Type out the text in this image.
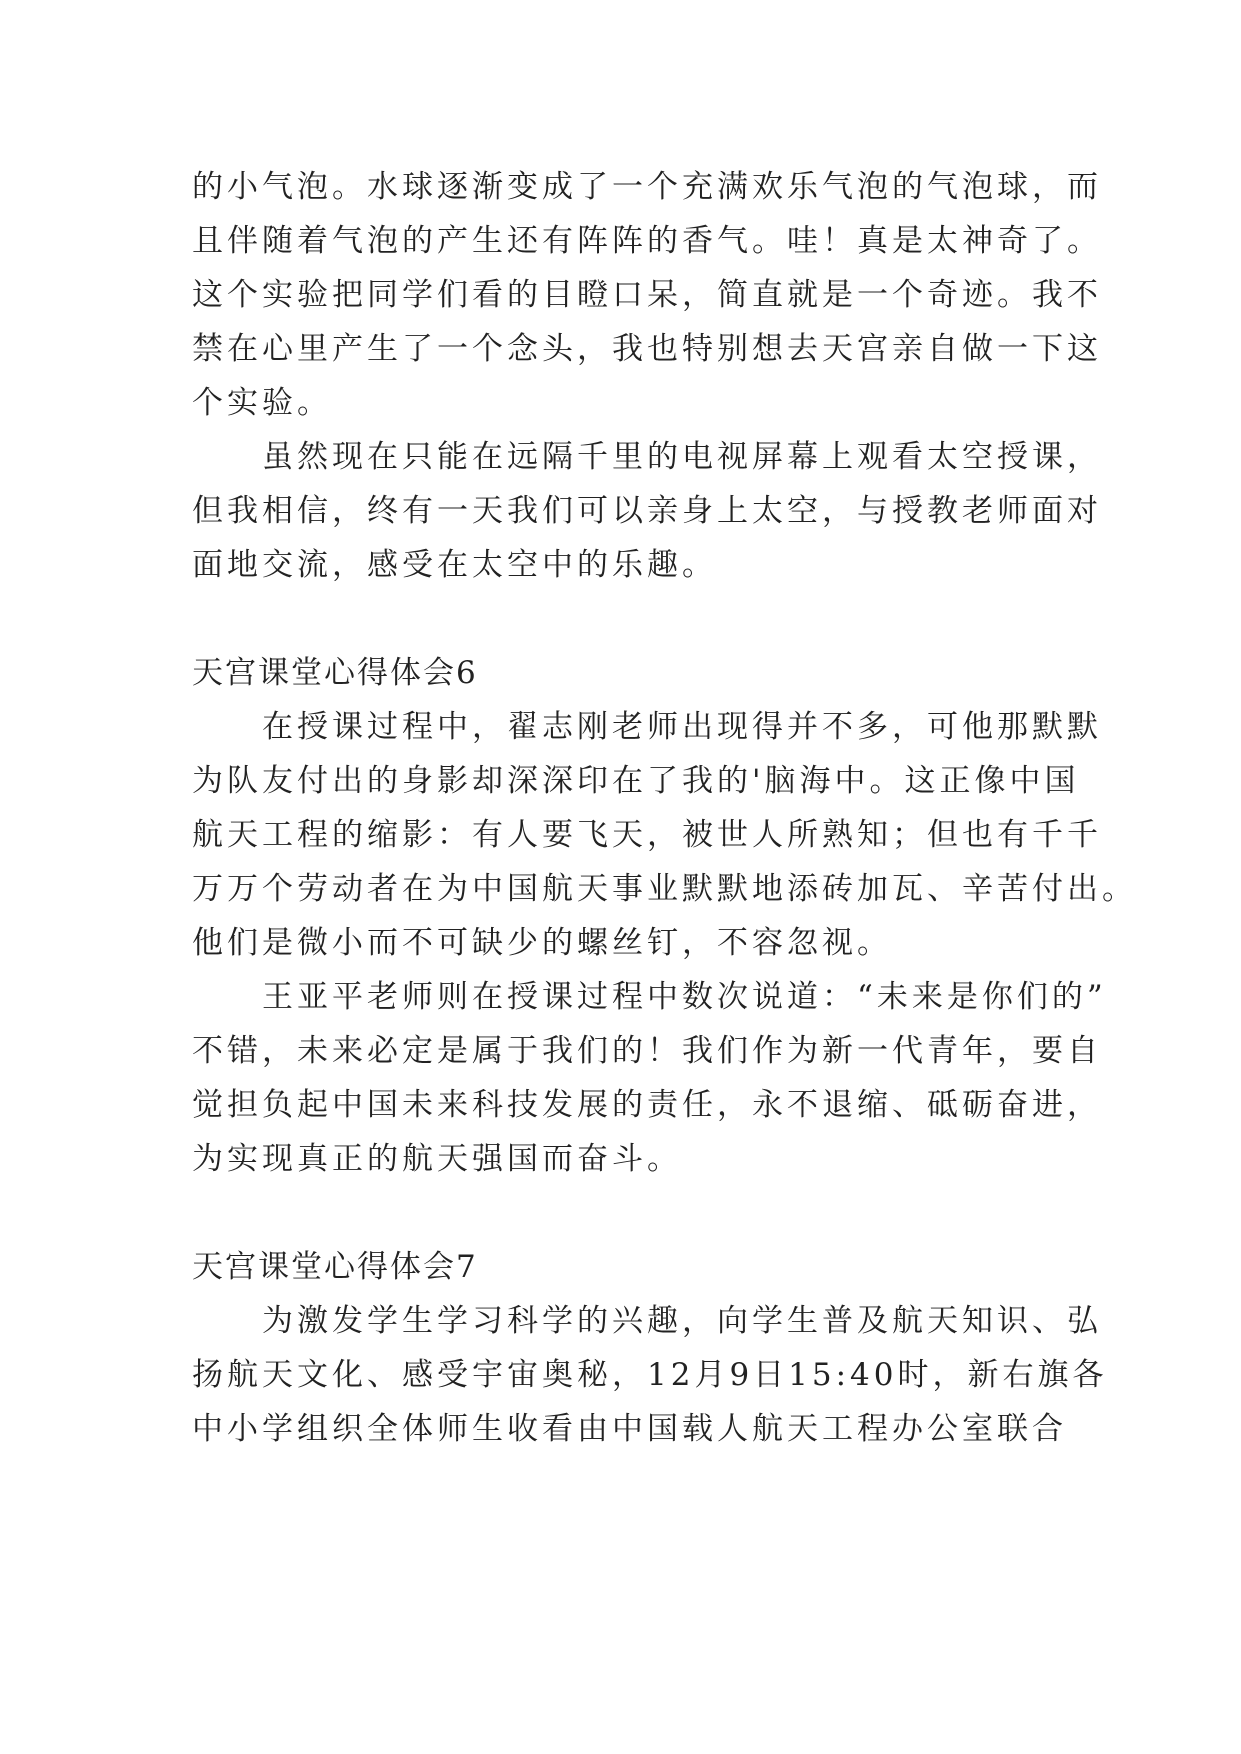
的小气泡。水球逐渐变成了一个充满欢乐气泡的气泡球，而
且伴随着气泡的产生还有阵阵的香气。哇！真是太神奇了。
这个实验把同学们看的目瞪口呆，简直就是一个奇迹。我不
禁在心里产生了一个念头，我也特别想去天宫亲自做一下这
个实验。
虽然现在只能在远隔千里的电视屏幕上观看太空授课，
但我相信，终有一天我们可以亲身上太空，与授教老师面对
面地交流，感受在太空中的乐趣。
天宫课堂心得体会6
在授课过程中，翟志刚老师出现得并不多，可他那默默
为队友付出的身影却深深印在了我的'脑海中。这正像中国
航天工程的缩影：有人要飞天，被世人所熟知；但也有千千
万万个劳动者在为中国航天事业默默地添砖加瓦、辛苦付出。
他们是微小而不可缺少的螺丝钉，不容忽视。
王亚平老师则在授课过程中数次说道：“未来是你们的”
不错，未来必定是属于我们的！我们作为新一代青年，要自
觉担负起中国未来科技发展的责任，永不退缩、砥砺奋进，
为实现真正的航天强国而奋斗。
天宫课堂心得体会7
为激发学生学习科学的兴趣，向学生普及航天知识、弘
扬航天文化、感受宇宙奥秘，12月9日15:40时，新右旗各
中小学组织全体师生收看由中国载人航天工程办公室联合
